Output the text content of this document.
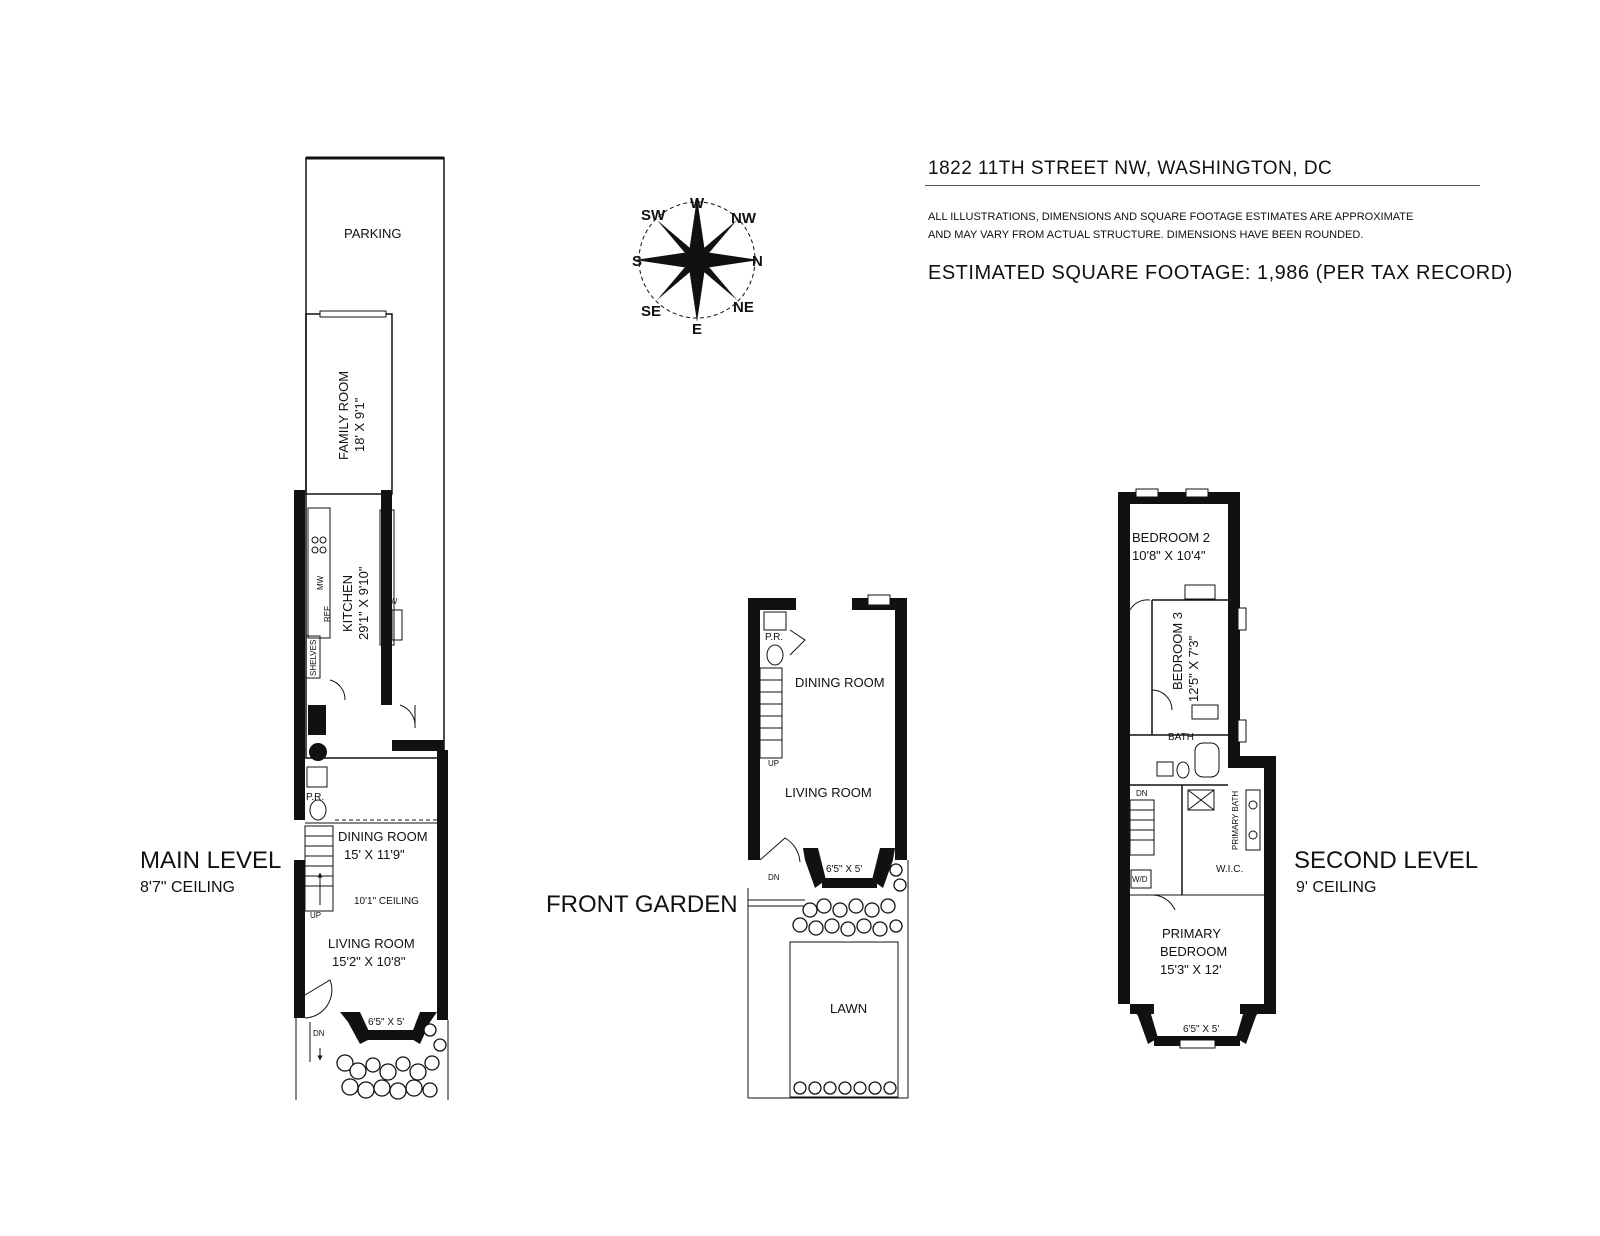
1822 11TH STREET NW, WASHINGTON, DC
ALL ILLUSTRATIONS, DIMENSIONS AND SQUARE FOOTAGE ESTIMATES ARE APPROXIMATE
AND MAY VARY FROM ACTUAL STRUCTURE. DIMENSIONS HAVE BEEN ROUNDED.
ESTIMATED SQUARE FOOTAGE: 1,986 (PER TAX RECORD)
W
E
S	N
SW	NW
SE	NE
DW
MW
REF
SHELVES
P.R.
UP
6'5" X 5'
DN
PARKING
FAMILY ROOM 18' X 9'1"
KITCHEN 29'1" X 9'10"
DINING ROOM
15' X 11'9"
10'1" CEILING
LIVING ROOM
15'2" X 10'8"
MAIN LEVEL
8'7" CEILING
P.R.
UP
6'5" X 5'
DN
DINING ROOM
LIVING ROOM
LAWN
FRONT GARDEN
DN
W/D
6'5" X 5'
BEDROOM 2
10'8" X 10'4"
BEDROOM 3 12'5" X 7'3"
BATH
PRIMARY BATH
W.I.C.
PRIMARY
BEDROOM
15'3" X 12'
SECOND LEVEL
9' CEILING
